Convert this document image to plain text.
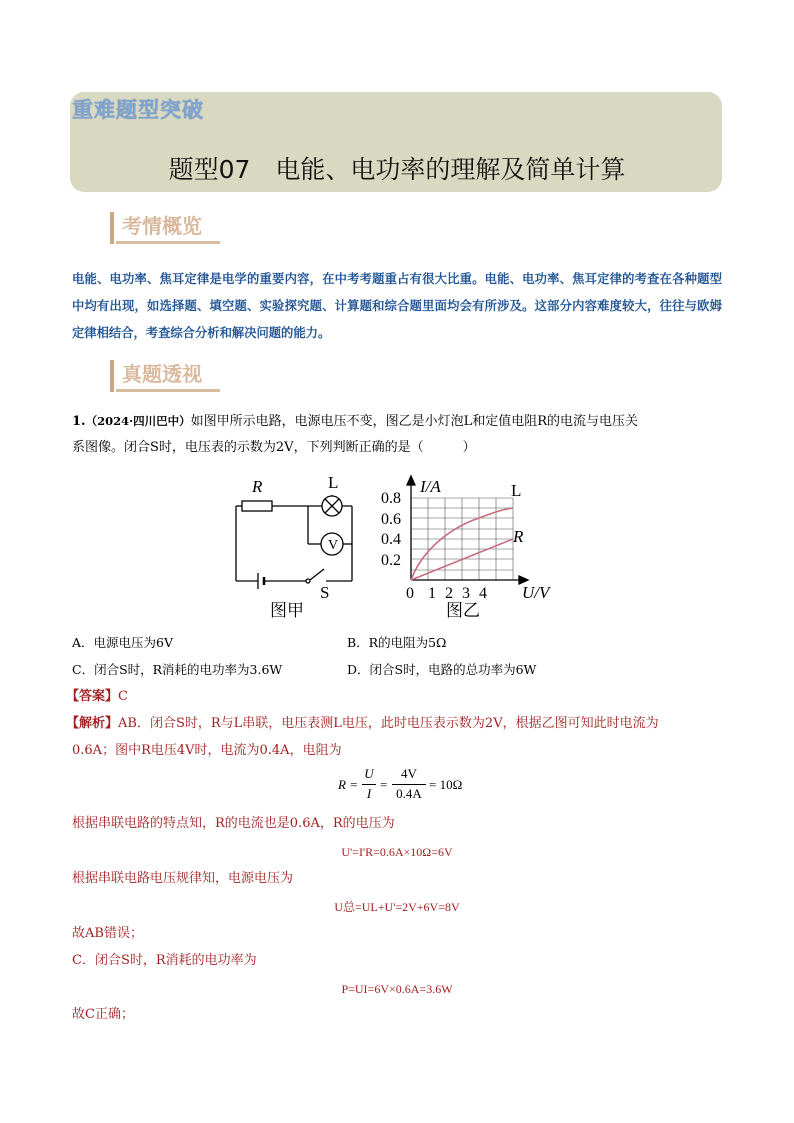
重难题型突破
题型07　电能、电功率的理解及简单计算
考情概览
电能、电功率、焦耳定律是电学的重要内容，在中考考题重占有很大比重。电能、电功率、焦耳定律的考查在各种题型中均有出现，如选择题、填空题、实验探究题、计算题和综合题里面均会有所涉及。这部分内容难度较大，往往与欧姆定律相结合，考查综合分析和解决问题的能力。
真题透视
1.（2024·四川巴中）如图甲所示电路，电源电压不变，图乙是小灯泡L和定值电阻R的电流与电压关
系图像。闭合S时，电压表的示数为2V，下列判断正确的是（　　　）
V
R	L
S
图甲
I/A
U/V
0.8
0.6
0.4
0.2
0 1 2 3 4
L
R
图乙
A．电源电压为6V	B．R的电阻为5Ω
C．闭合S时，R消耗的电功率为3.6W	D．闭合S时，电路的总功率为6W
【答案】C
【解析】AB．闭合S时，R与L串联，电压表测L电压，此时电压表示数为2V，根据乙图可知此时电流为
0.6A；图中R电压4V时，电流为0.4A，电阻为
R =
U
I
=
4V
0.4A
= 10Ω
根据串联电路的特点知，R的电流也是0.6A，R的电压为
U'=I'R=0.6A×10Ω=6V
根据串联电路电压规律知，电源电压为
U总=UL+U'=2V+6V=8V
故AB错误；
C．闭合S时，R消耗的电功率为
P=UI=6V×0.6A=3.6W
故C正确；
